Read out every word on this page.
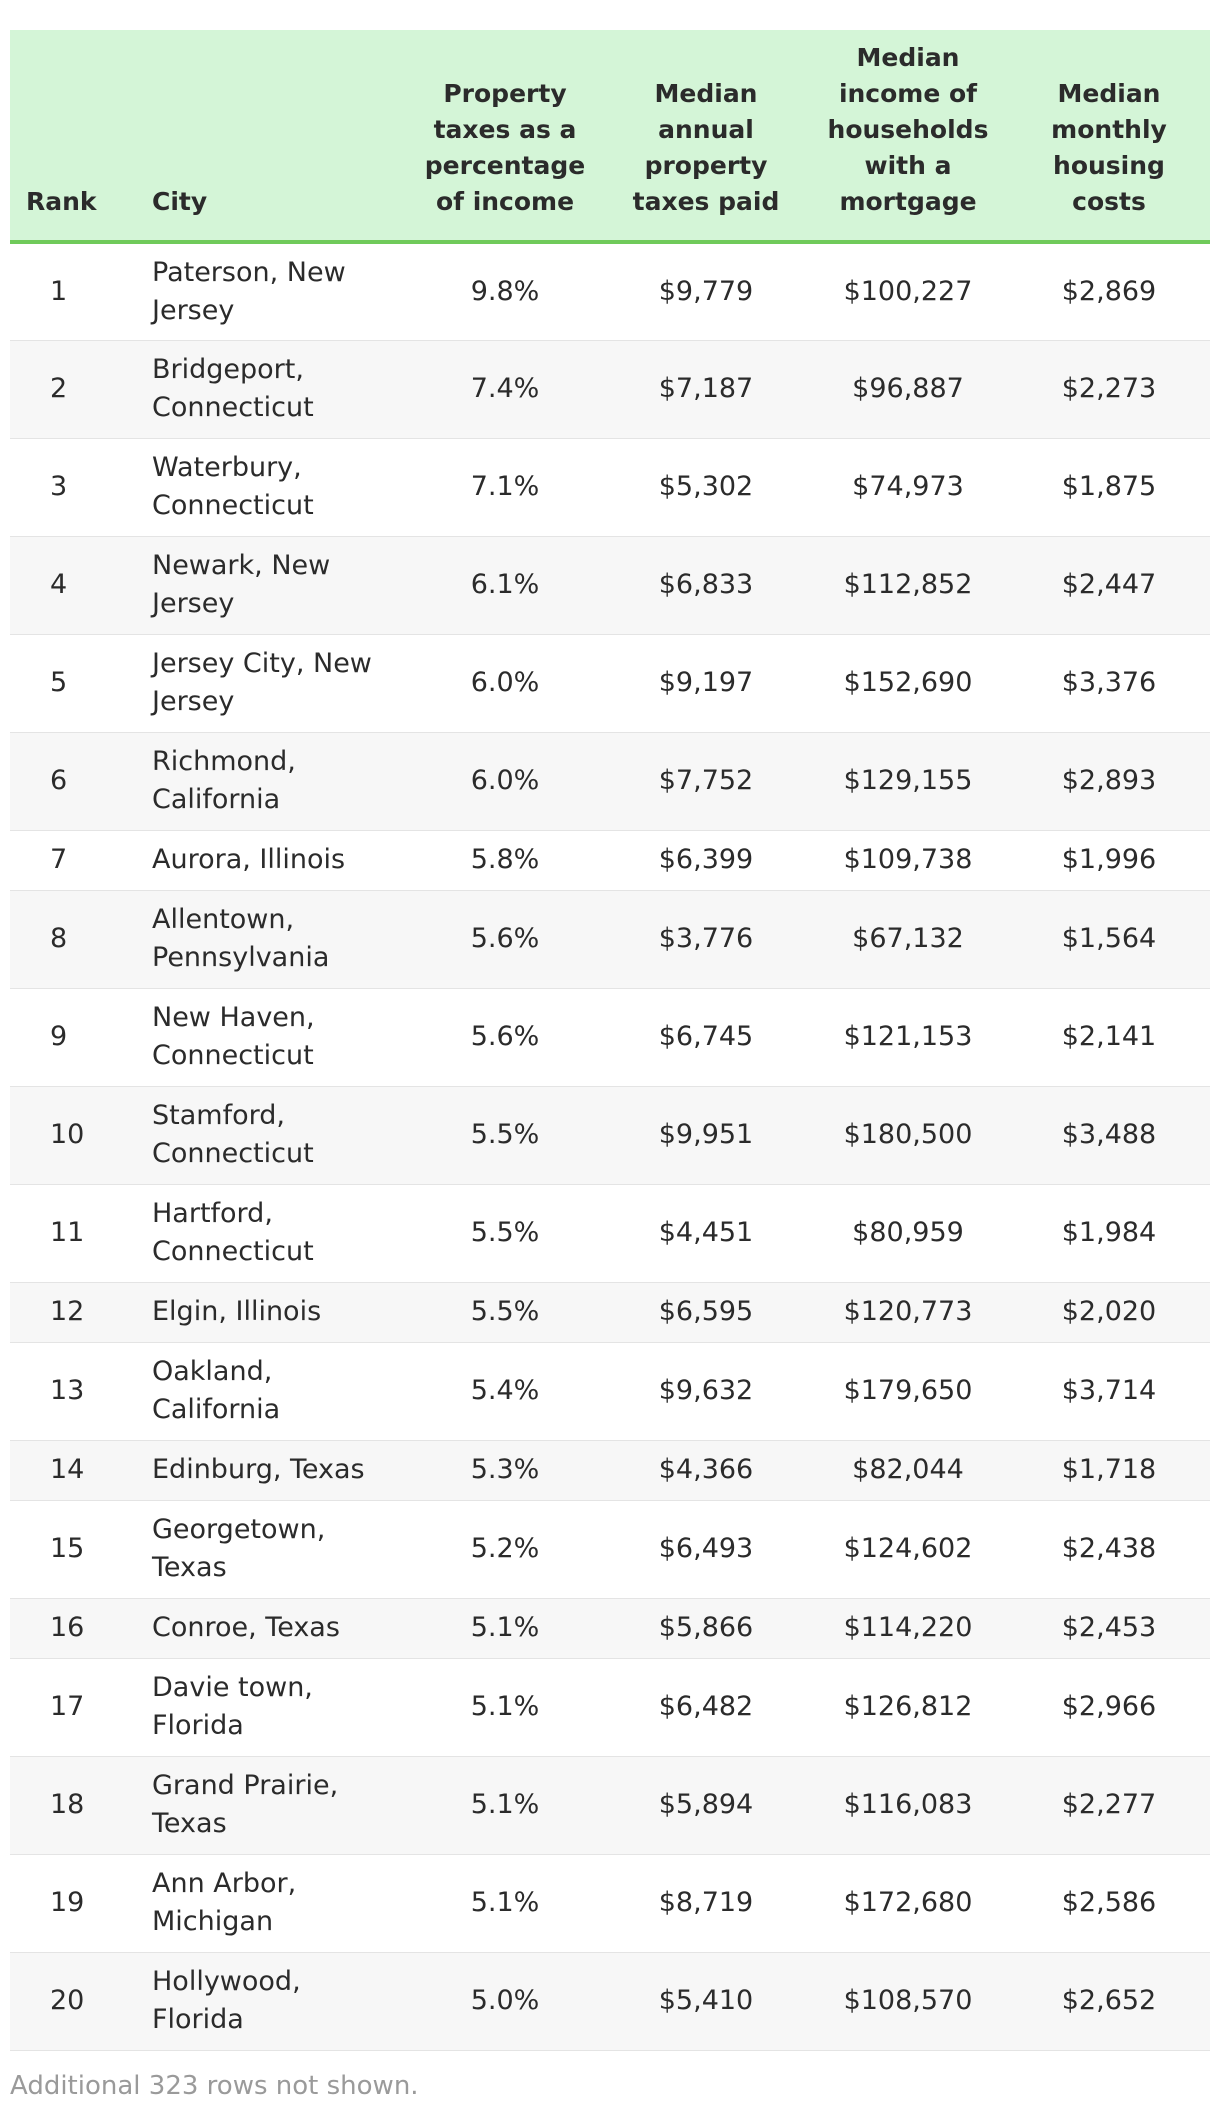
Rank	City	Property taxes as a percentage of income	Median annual property taxes paid	Median income of households with a mortgage	Median monthly housing costs
1	Paterson, New Jersey	9.8%	$9,779	$100,227	$2,869
2	Bridgeport, Connecticut	7.4%	$7,187	$96,887	$2,273
3	Waterbury, Connecticut	7.1%	$5,302	$74,973	$1,875
4	Newark, New Jersey	6.1%	$6,833	$112,852	$2,447
5	Jersey City, New Jersey	6.0%	$9,197	$152,690	$3,376
6	Richmond, California	6.0%	$7,752	$129,155	$2,893
7	Aurora, Illinois	5.8%	$6,399	$109,738	$1,996
8	Allentown, Pennsylvania	5.6%	$3,776	$67,132	$1,564
9	New Haven, Connecticut	5.6%	$6,745	$121,153	$2,141
10	Stamford, Connecticut	5.5%	$9,951	$180,500	$3,488
11	Hartford, Connecticut	5.5%	$4,451	$80,959	$1,984
12	Elgin, Illinois	5.5%	$6,595	$120,773	$2,020
13	Oakland, California	5.4%	$9,632	$179,650	$3,714
14	Edinburg, Texas	5.3%	$4,366	$82,044	$1,718
15	Georgetown, Texas	5.2%	$6,493	$124,602	$2,438
16	Conroe, Texas	5.1%	$5,866	$114,220	$2,453
17	Davie town, Florida	5.1%	$6,482	$126,812	$2,966
18	Grand Prairie, Texas	5.1%	$5,894	$116,083	$2,277
19	Ann Arbor, Michigan	5.1%	$8,719	$172,680	$2,586
20	Hollywood, Florida	5.0%	$5,410	$108,570	$2,652
Additional 323 rows not shown.
